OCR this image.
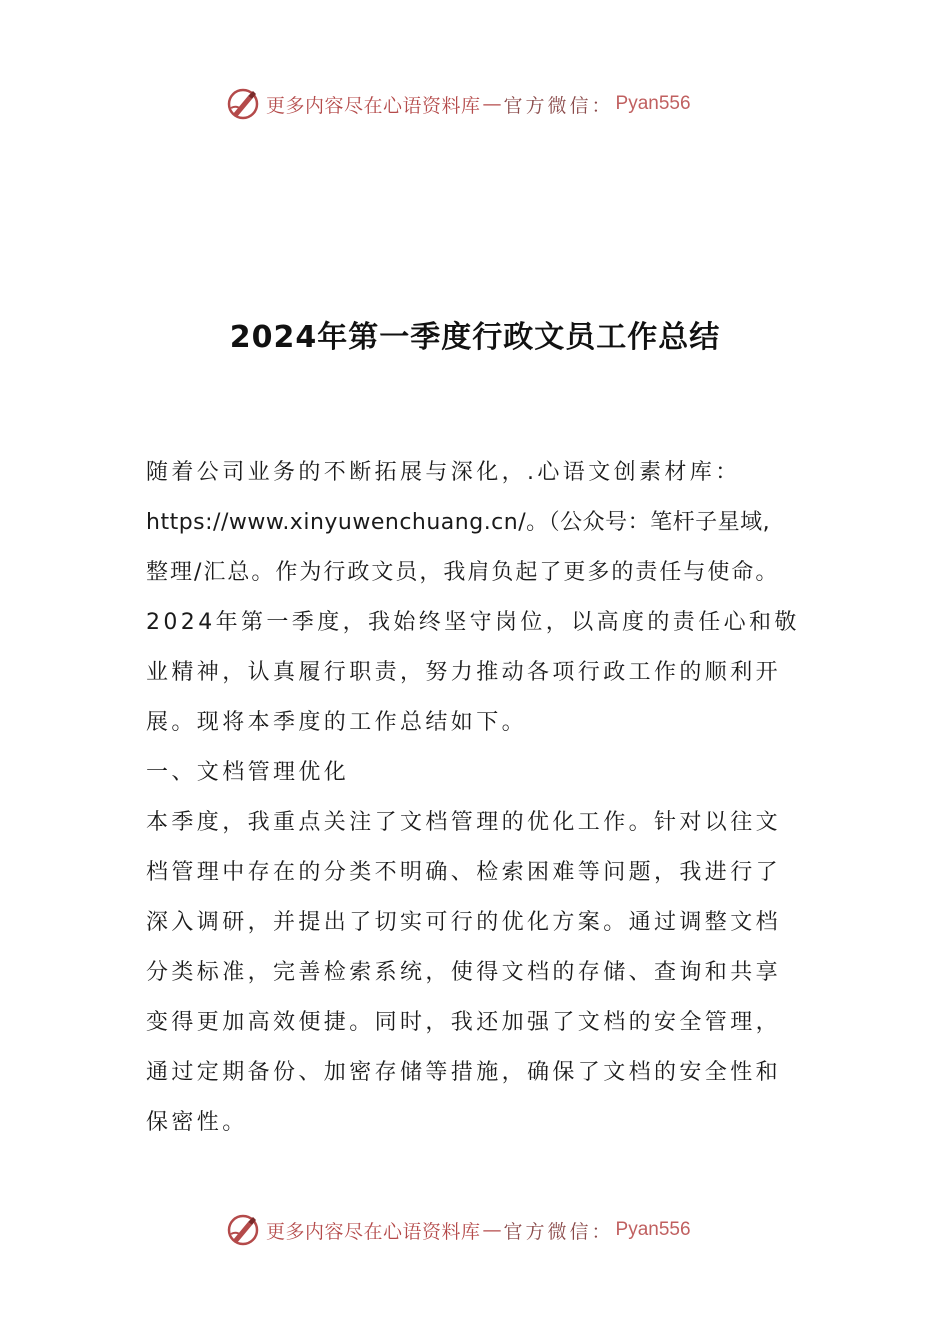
更多内容尽在心语资料库 — 官方微信： Pyan556
2024年第一季度行政文员工作总结
随着公司业务的不断拓展与深化，.心语文创素材库：
https://www.xinyuwenchuang.cn/。（公众号：笔杆子星域,
整理/汇总。作为行政文员，我肩负起了更多的责任与使命。
2024年第一季度，我始终坚守岗位，以高度的责任心和敬
业精神，认真履行职责，努力推动各项行政工作的顺利开
展。现将本季度的工作总结如下。
一、文档管理优化
本季度，我重点关注了文档管理的优化工作。针对以往文
档管理中存在的分类不明确、检索困难等问题，我进行了
深入调研，并提出了切实可行的优化方案。通过调整文档
分类标准，完善检索系统，使得文档的存储、查询和共享
变得更加高效便捷。同时，我还加强了文档的安全管理，
通过定期备份、加密存储等措施，确保了文档的安全性和
保密性。
更多内容尽在心语资料库 — 官方微信： Pyan556
